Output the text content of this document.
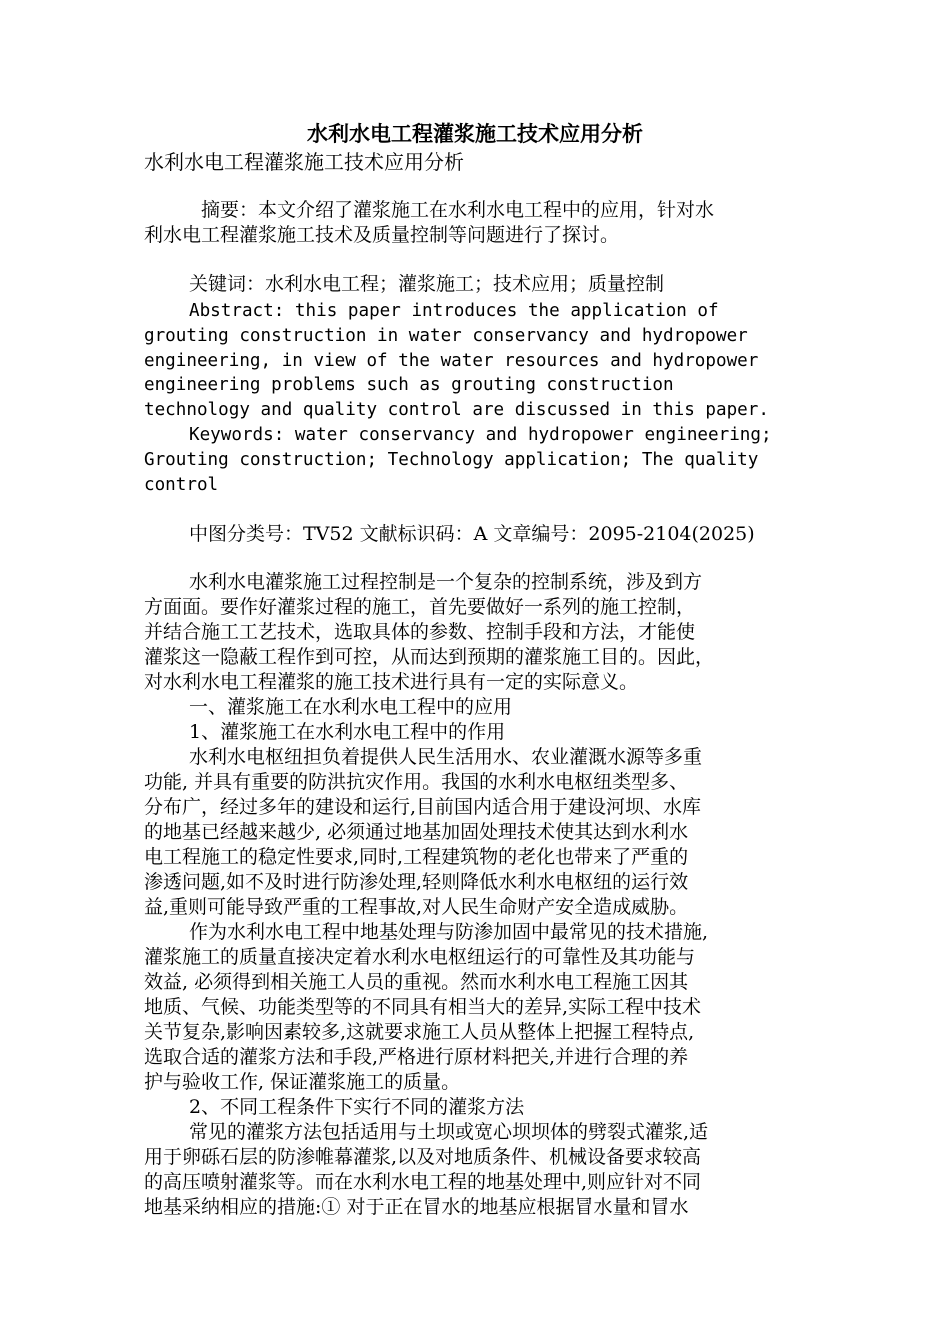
水利水电工程灌浆施工技术应用分析
水利水电工程灌浆施工技术应用分析
摘要：本文介绍了灌浆施工在水利水电工程中的应用，针对水
利水电工程灌浆施工技术及质量控制等问题进行了探讨。
关键词：水利水电工程；灌浆施工；技术应用；质量控制
Abstract: this paper introduces the application of
grouting construction in water conservancy and hydropower
engineering, in view of the water resources and hydropower
engineering problems such as grouting construction
technology and quality control are discussed in this paper.
Keywords: water conservancy and hydropower engineering;
Grouting construction; Technology application; The quality
control
中图分类号：TV52 文献标识码：A 文章编号：2095-2104(2025)
水利水电灌浆施工过程控制是一个复杂的控制系统，涉及到方
方面面。要作好灌浆过程的施工，首先要做好一系列的施工控制，
并结合施工工艺技术，选取具体的参数、控制手段和方法，才能使
灌浆这一隐蔽工程作到可控，从而达到预期的灌浆施工目的。因此，
对水利水电工程灌浆的施工技术进行具有一定的实际意义。
一、灌浆施工在水利水电工程中的应用
1、灌浆施工在水利水电工程中的作用
水利水电枢纽担负着提供人民生活用水、农业灌溉水源等多重
功能, 并具有重要的防洪抗灾作用。我国的水利水电枢纽类型多、
分布广，经过多年的建设和运行,目前国内适合用于建设河坝、水库
的地基已经越来越少, 必须通过地基加固处理技术使其达到水利水
电工程施工的稳定性要求,同时,工程建筑物的老化也带来了严重的
渗透问题,如不及时进行防渗处理,轻则降低水利水电枢纽的运行效
益,重则可能导致严重的工程事故,对人民生命财产安全造成威胁。
作为水利水电工程中地基处理与防渗加固中最常见的技术措施,
灌浆施工的质量直接决定着水利水电枢纽运行的可靠性及其功能与
效益, 必须得到相关施工人员的重视。然而水利水电工程施工因其
地质、气候、功能类型等的不同具有相当大的差异,实际工程中技术
关节复杂,影响因素较多,这就要求施工人员从整体上把握工程特点,
选取合适的灌浆方法和手段,严格进行原材料把关,并进行合理的养
护与验收工作, 保证灌浆施工的质量。
2、不同工程条件下实行不同的灌浆方法
常见的灌浆方法包括适用与土坝或宽心坝坝体的劈裂式灌浆,适
用于卵砾石层的防渗帷幕灌浆,以及对地质条件、机械设备要求较高
的高压喷射灌浆等。而在水利水电工程的地基处理中,则应针对不同
地基采纳相应的措施:① 对于正在冒水的地基应根据冒水量和冒水
